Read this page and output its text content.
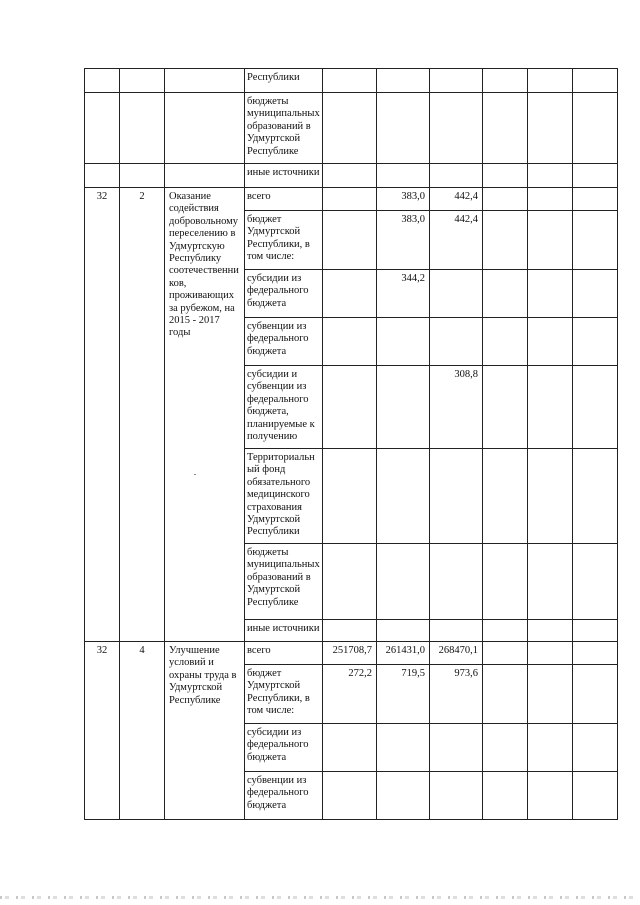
			Республики						
			бюджеты муниципальных образований в Удмуртской Республике						
			иные источники						
32	2	Оказание содействия добровольному переселению в Удмуртскую Республику соотечественников, проживающих за рубежом, на 2015 - 2017 годы	всего		383,0	442,4			
			бюджет Удмуртской Республики, в том числе:		383,0	442,4			
			субсидии из федерального бюджета		344,2				
			субвенции из федерального бюджета						
			субсидии и субвенции из федерального бюджета, планируемые к получению			308,8			
			Территориальный фонд обязательного медицинского страхования Удмуртской Республики						
			бюджеты муниципальных образований в Удмуртской Республике						
			иные источники						
32	4	Улучшение условий и охраны труда в Удмуртской Республике	всего	251708,7	261431,0	268470,1			
			бюджет Удмуртской Республики, в том числе:	272,2	719,5	973,6			
			субсидии из федерального бюджета						
			субвенции из федерального бюджета						
